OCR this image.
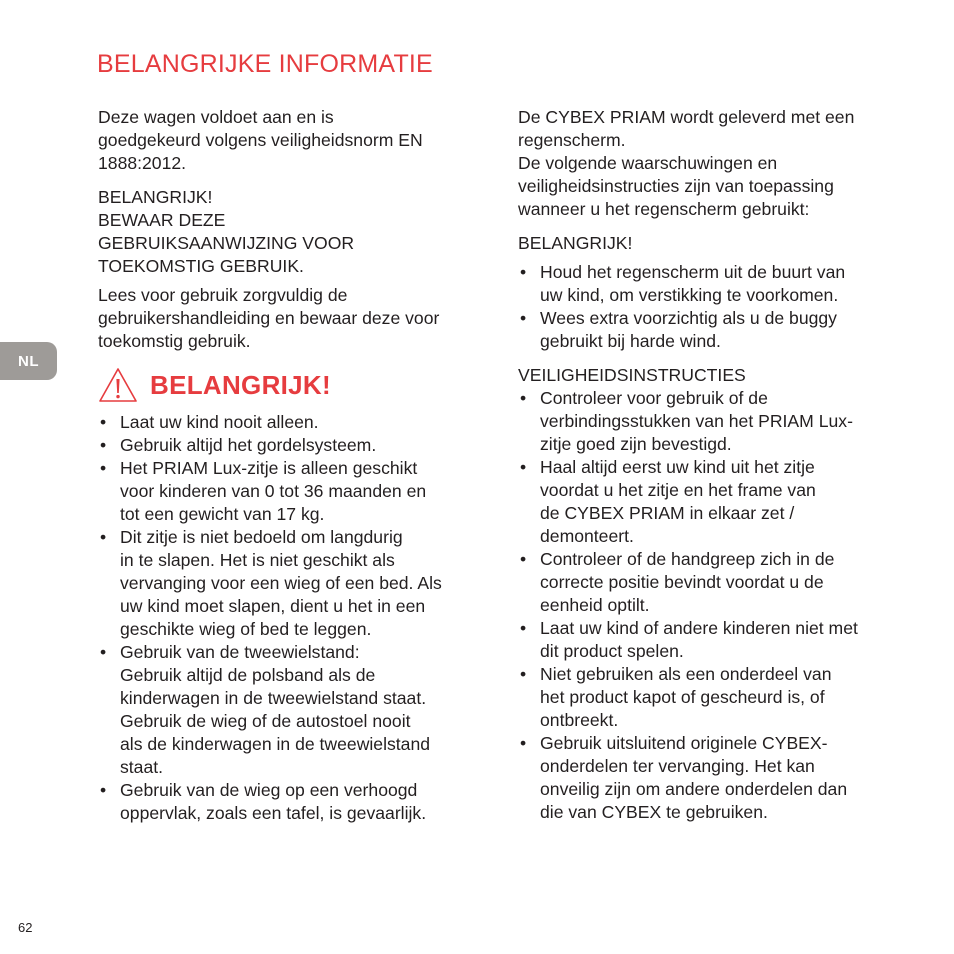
BELANGRIJKE INFORMATIE
NL

Deze wagen voldoet aan en is
goedgekeurd volgens veiligheidsnorm EN
1888:2012.

BELANGRIJK!
BEWAAR DEZE
GEBRUIKSAANWIJZING VOOR
TOEKOMSTIG GEBRUIK.

Lees voor gebruik zorgvuldig de
gebruikershandleiding en bewaar deze voor
toekomstig gebruik.

BELANGRIJK!
• Laat uw kind nooit alleen.
• Gebruik altijd het gordelsysteem.
• Het PRIAM Lux-zitje is alleen geschikt
voor kinderen van 0 tot 36 maanden en
tot een gewicht van 17 kg.
• Dit zitje is niet bedoeld om langdurig
in te slapen. Het is niet geschikt als
vervanging voor een wieg of een bed. Als
uw kind moet slapen, dient u het in een
geschikte wieg of bed te leggen.
• Gebruik van de tweewielstand:
Gebruik altijd de polsband als de
kinderwagen in de tweewielstand staat.
Gebruik de wieg of de autostoel nooit
als de kinderwagen in de tweewielstand
staat.
• Gebruik van de wieg op een verhoogd
oppervlak, zoals een tafel, is gevaarlijk.

De CYBEX PRIAM wordt geleverd met een
regenscherm.
De volgende waarschuwingen en
veiligheidsinstructies zijn van toepassing
wanneer u het regenscherm gebruikt:

BELANGRIJK!

• Houd het regenscherm uit de buurt van
uw kind, om verstikking te voorkomen.
• Wees extra voorzichtig als u de buggy
gebruikt bij harde wind.

VEILIGHEIDSINSTRUCTIES

• Controleer voor gebruik of de
verbindingsstukken van het PRIAM Lux-
zitje goed zijn bevestigd.
• Haal altijd eerst uw kind uit het zitje
voordat u het zitje en het frame van
de CYBEX PRIAM in elkaar zet /
demonteert.
• Controleer of de handgreep zich in de
correcte positie bevindt voordat u de
eenheid optilt.
• Laat uw kind of andere kinderen niet met
dit product spelen.
• Niet gebruiken als een onderdeel van
het product kapot of gescheurd is, of
ontbreekt.
• Gebruik uitsluitend originele CYBEX-
onderdelen ter vervanging. Het kan
onveilig zijn om andere onderdelen dan
die van CYBEX te gebruiken.
62
